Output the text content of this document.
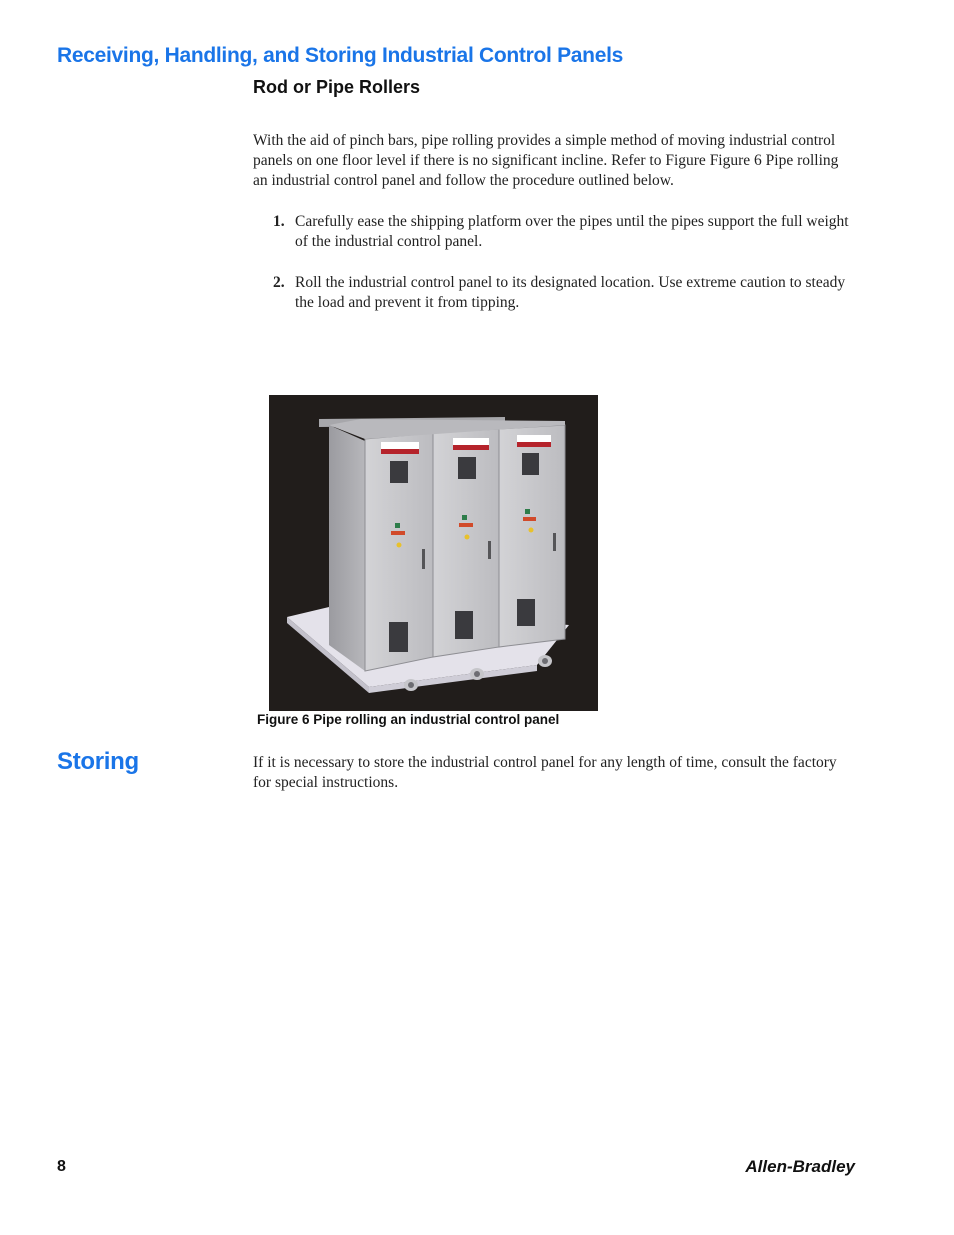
Receiving, Handling, and Storing Industrial Control Panels
Rod or Pipe Rollers

With the aid of pinch bars, pipe rolling provides a simple method of moving industrial control panels on one floor level if there is no significant incline. Refer to Figure Figure 6 Pipe rolling an industrial control panel and follow the procedure outlined below.

1. Carefully ease the shipping platform over the pipes until the pipes support the full weight of the industrial control panel.
2. Roll the industrial control panel to its designated location. Use extreme caution to steady the load and prevent it from tipping.
Figure 6 Pipe rolling an industrial control panel
Storing	If it is necessary to store the industrial control panel for any length of time, consult the factory for special instructions.

8	Allen-Bradley
